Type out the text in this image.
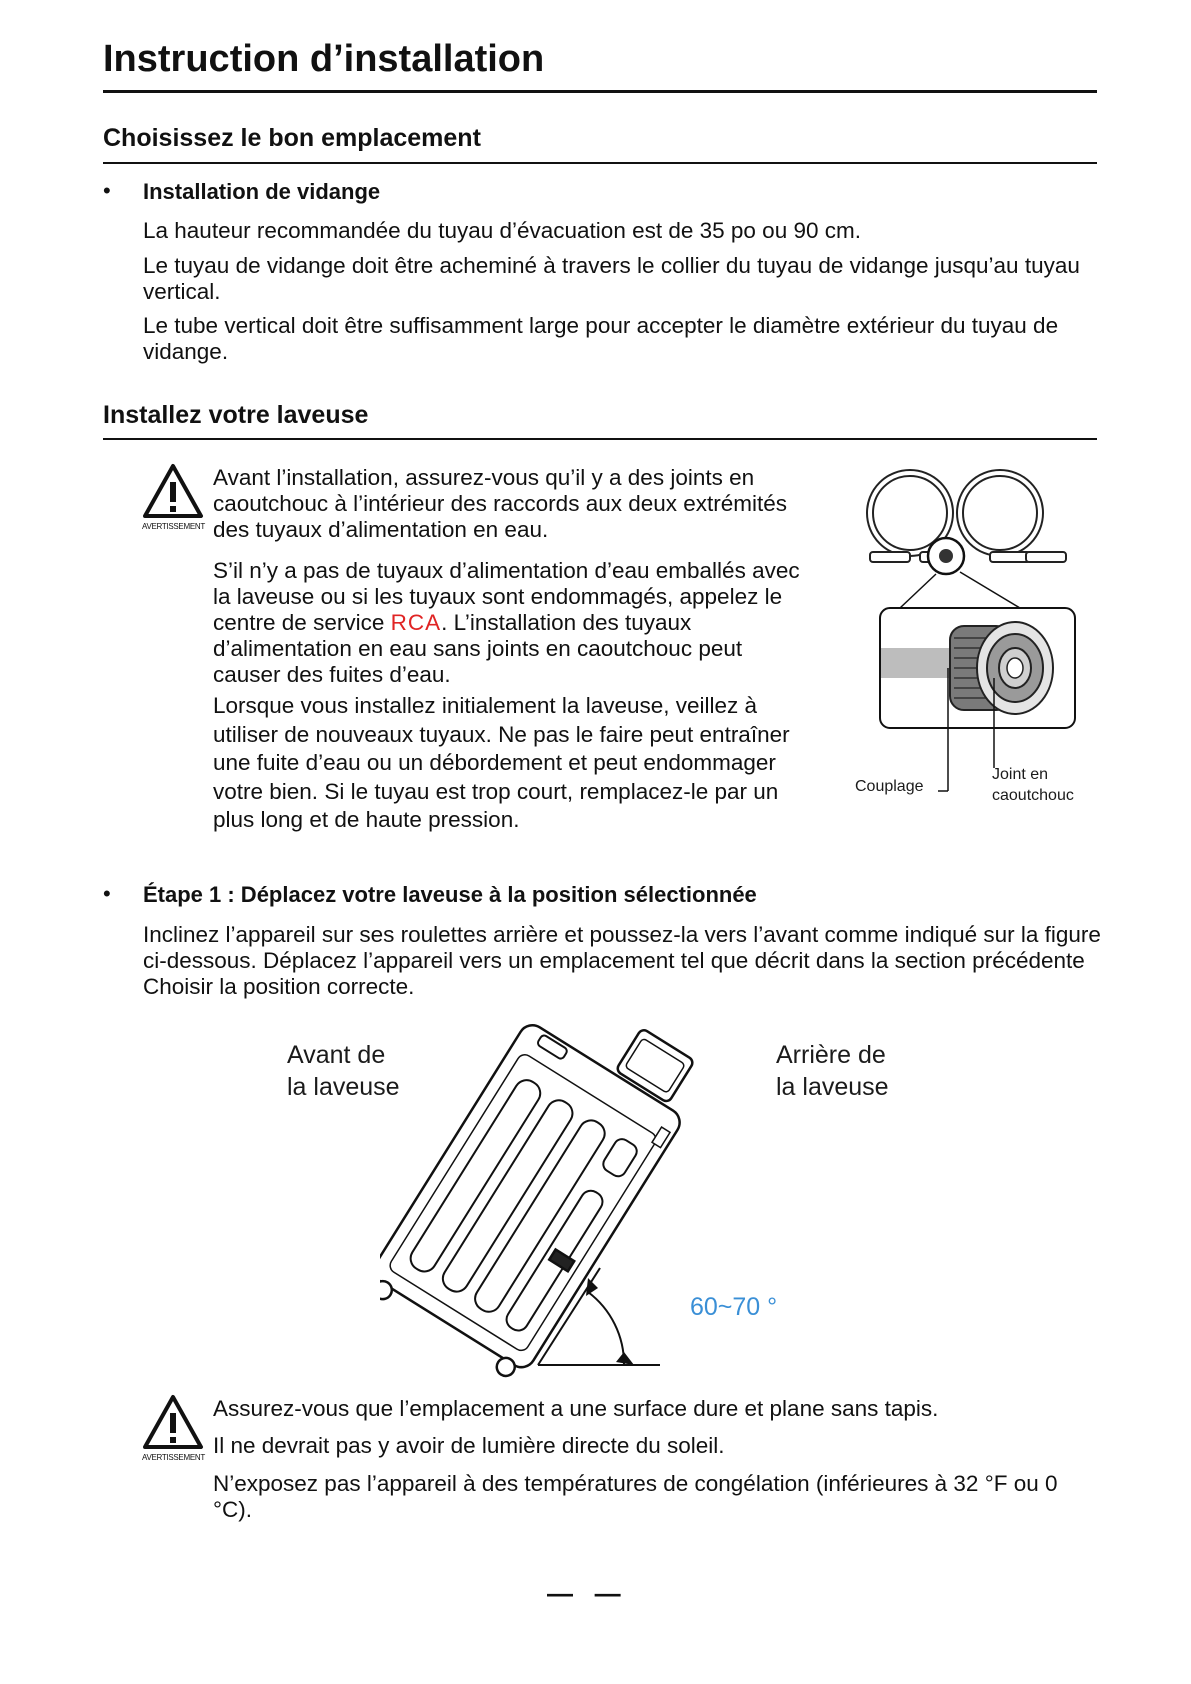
Instruction d’installation
Choisissez le bon emplacement
• Installation de vidange
La hauteur recommandée du tuyau d’évacuation est de 35 po ou 90 cm.
Le tuyau de vidange doit être acheminé à travers le collier du tuyau de vidange jusqu’au tuyau vertical.
Le tube vertical doit être suffisamment large pour accepter le diamètre extérieur du tuyau de vidange.
Installez votre laveuse
AVERTISSEMENT
Avant l’installation, assurez-vous qu’il y a des joints en caoutchouc à l’intérieur des raccords aux deux extrémités des tuyaux d’alimentation en eau.
S’il n’y a pas de tuyaux d’alimentation d’eau emballés avec la laveuse ou si les tuyaux sont endommagés, appelez le centre de service RCA. L’installation des tuyaux d’alimentation en eau sans joints en caoutchouc peut causer des fuites d’eau.
Lorsque vous installez initialement la laveuse, veillez à utiliser de nouveaux tuyaux. Ne pas le faire peut entraîner une fuite d’eau ou un débordement et peut endommager votre bien. Si le tuyau est trop court, remplacez-le par un plus long et de haute pression.
Couplage
Joint en
caoutchouc
• Étape 1 : Déplacez votre laveuse à la position sélectionnée
Inclinez l’appareil sur ses roulettes arrière et poussez-la vers l’avant comme indiqué sur la figure ci-dessous. Déplacez l’appareil vers un emplacement tel que décrit dans la section précédente Choisir la position correcte.
Avant de
la laveuse
Arrière de
la laveuse
60~70 °
AVERTISSEMENT
Assurez-vous que l’emplacement a une surface dure et plane sans tapis.
Il ne devrait pas y avoir de lumière directe du soleil.
N’exposez pas l’appareil à des températures de congélation (inférieures à 32 °F ou 0 °C).
—   —
